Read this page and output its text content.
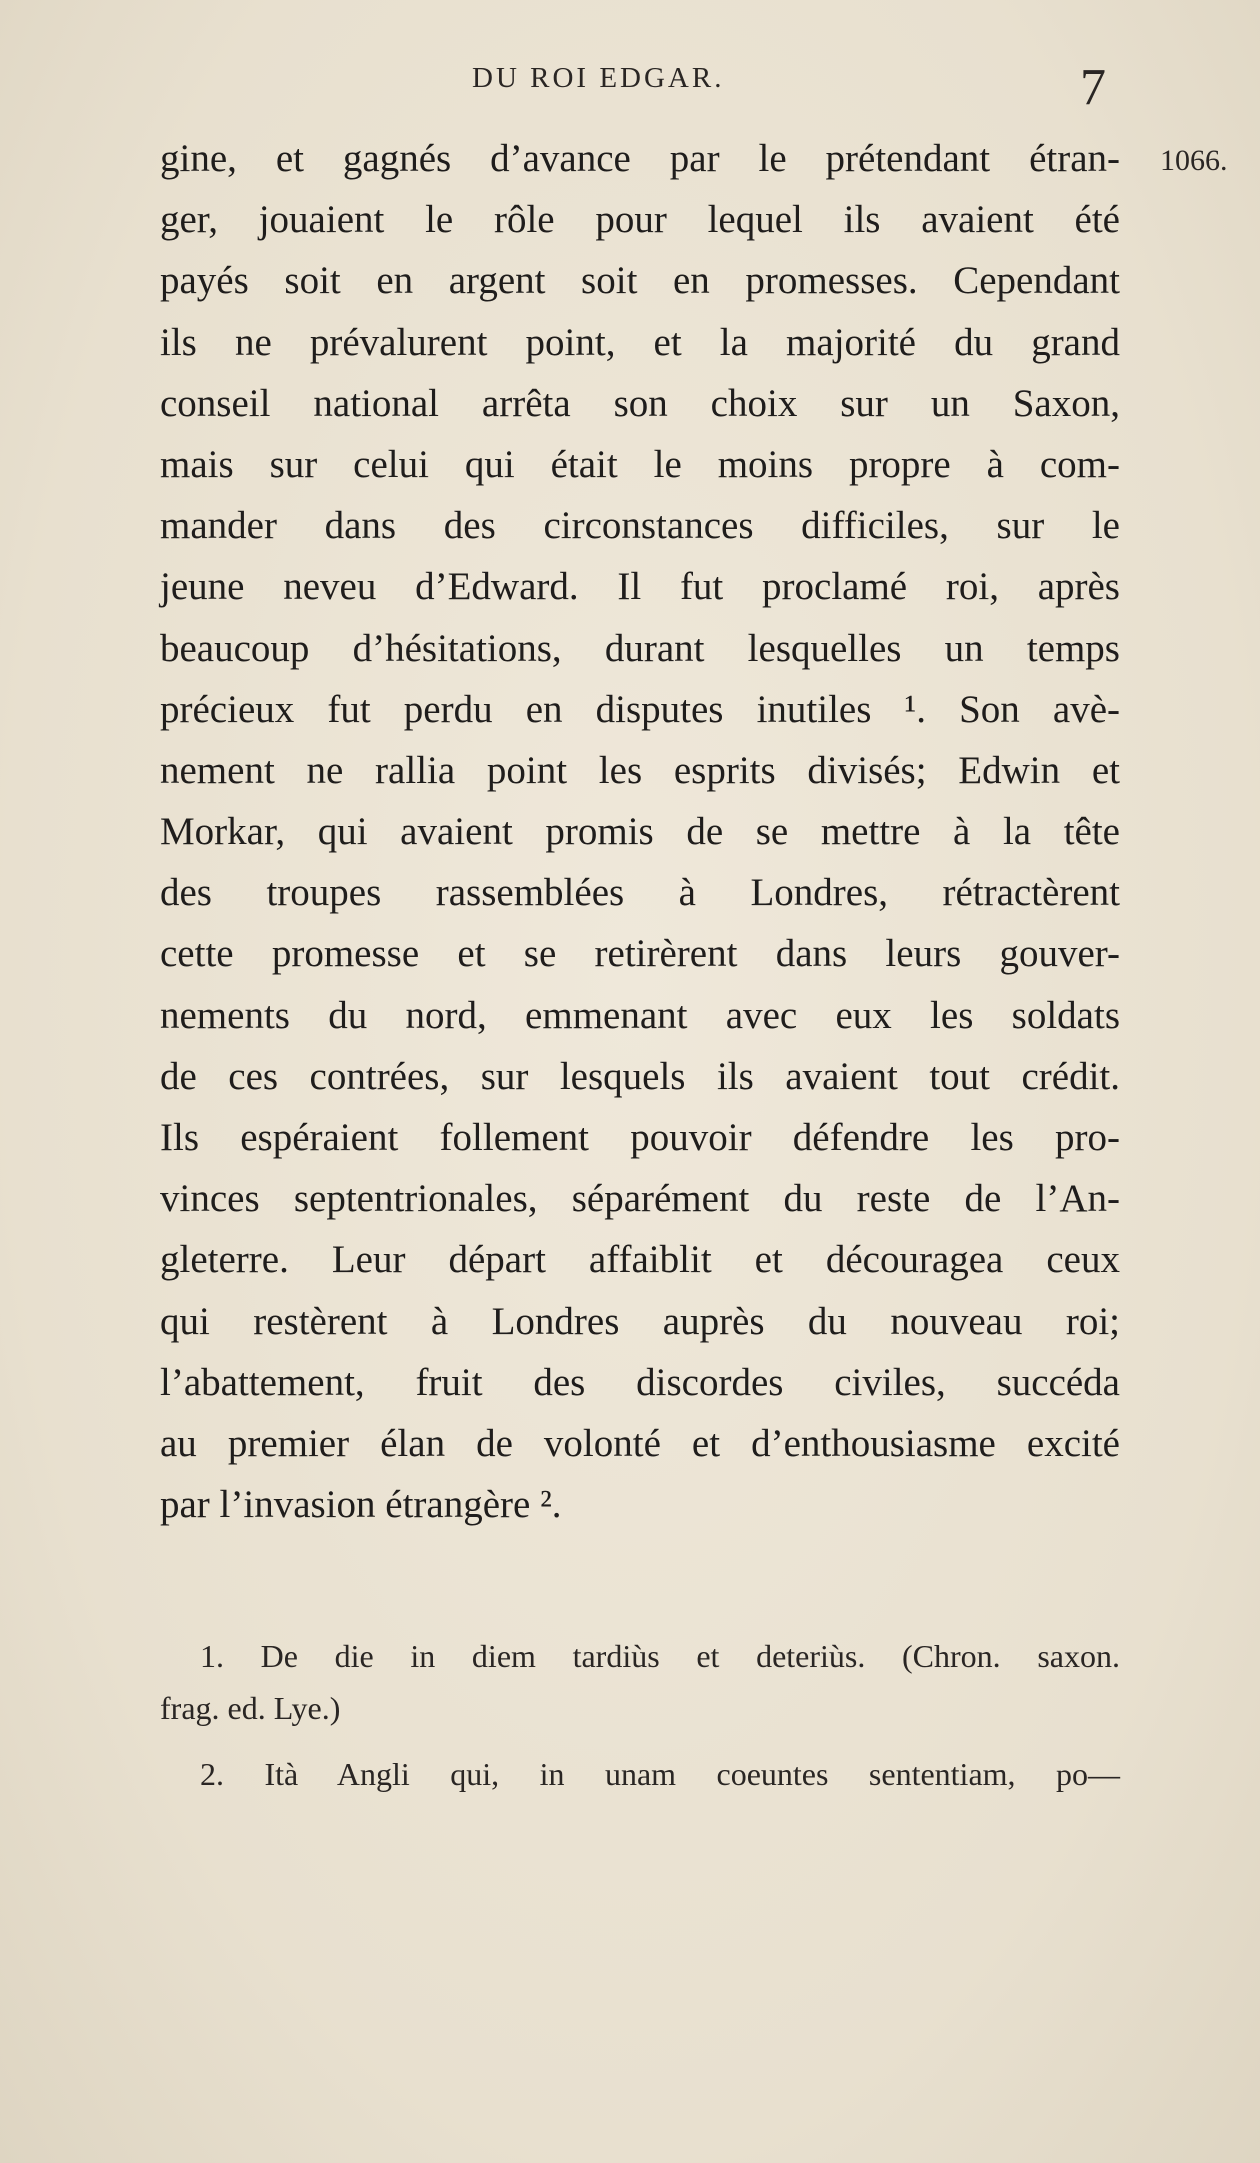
DU ROI EDGAR.	7
1066.
gine, et gagnés d’avance par le prétendant étran-
ger, jouaient le rôle pour lequel ils avaient été
payés soit en argent soit en promesses. Cependant
ils ne prévalurent point, et la majorité du grand
conseil national arrêta son choix sur un Saxon,
mais sur celui qui était le moins propre à com-
mander dans des circonstances difficiles, sur le
jeune neveu d’Edward. Il fut proclamé roi, après
beaucoup d’hésitations, durant lesquelles un temps
précieux fut perdu en disputes inutiles ¹. Son avè-
nement ne rallia point les esprits divisés; Edwin et
Morkar, qui avaient promis de se mettre à la tête
des troupes rassemblées à Londres, rétractèrent
cette promesse et se retirèrent dans leurs gouver-
nements du nord, emmenant avec eux les soldats
de ces contrées, sur lesquels ils avaient tout crédit.
Ils espéraient follement pouvoir défendre les pro-
vinces septentrionales, séparément du reste de l’An-
gleterre. Leur départ affaiblit et découragea ceux
qui restèrent à Londres auprès du nouveau roi;
l’abattement, fruit des discordes civiles, succéda
au premier élan de volonté et d’enthousiasme excité
par l’invasion étrangère ².
1. De die in diem tardiùs et deteriùs. (Chron. saxon.
frag. ed. Lye.)
2. Ità Angli qui, in unam coeuntes sententiam, po—
